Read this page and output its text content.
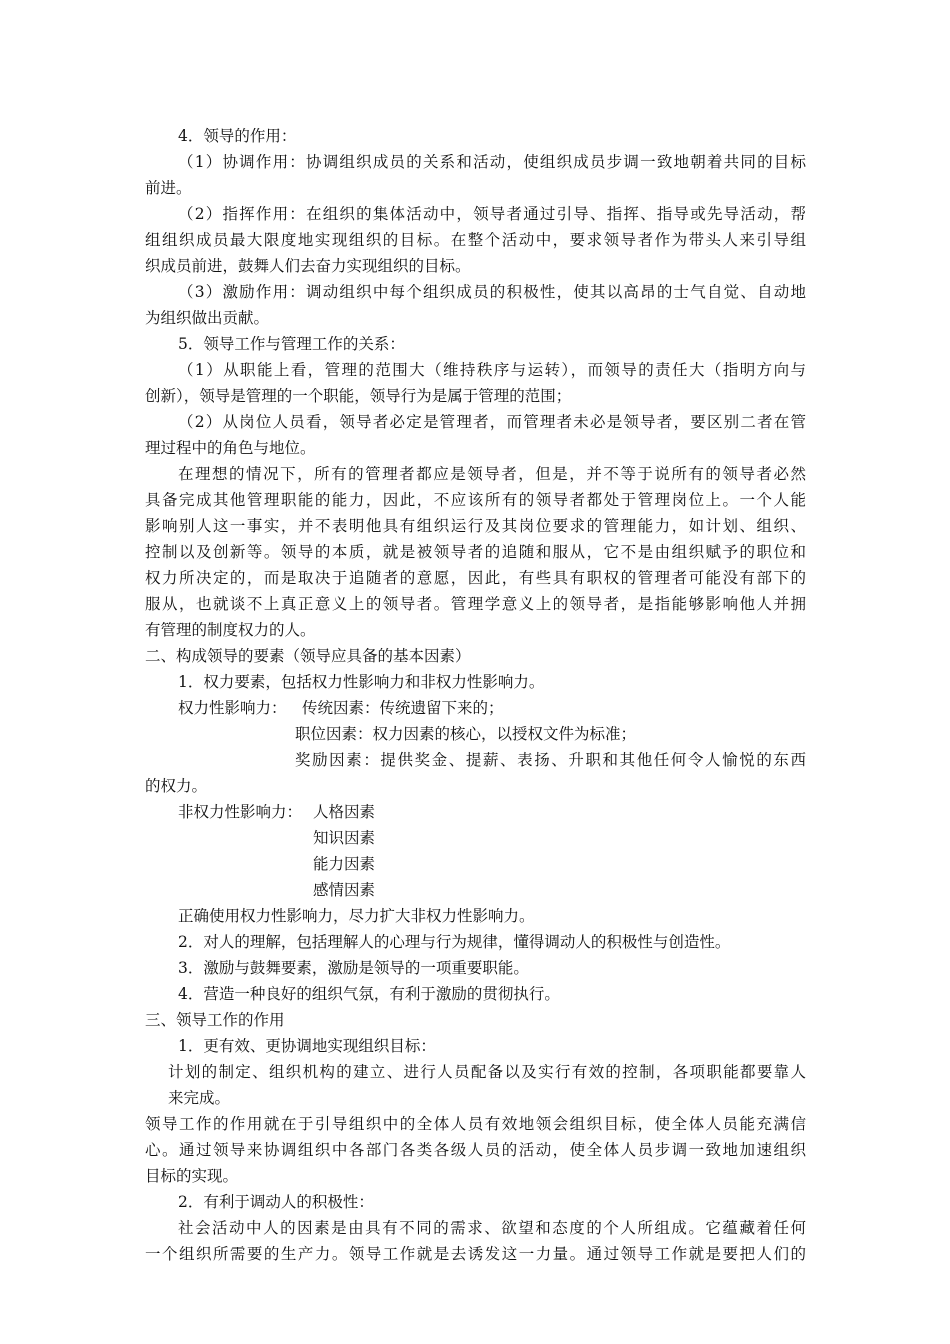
4．领导的作用：
（1）协调作用：协调组织成员的关系和活动，使组织成员步调一致地朝着共同的目标
前进。
（2）指挥作用：在组织的集体活动中，领导者通过引导、指挥、指导或先导活动，帮
组组织成员最大限度地实现组织的目标。在整个活动中，要求领导者作为带头人来引导组
织成员前进，鼓舞人们去奋力实现组织的目标。
（3）激励作用：调动组织中每个组织成员的积极性，使其以高昂的士气自觉、自动地
为组织做出贡献。
5．领导工作与管理工作的关系：
（1）从职能上看，管理的范围大（维持秩序与运转），而领导的责任大（指明方向与
创新），领导是管理的一个职能，领导行为是属于管理的范围；
（2）从岗位人员看，领导者必定是管理者，而管理者未必是领导者，要区别二者在管
理过程中的角色与地位。
在理想的情况下，所有的管理者都应是领导者，但是，并不等于说所有的领导者必然
具备完成其他管理职能的能力，因此，不应该所有的领导者都处于管理岗位上。一个人能
影响别人这一事实，并不表明他具有组织运行及其岗位要求的管理能力，如计划、组织、
控制以及创新等。领导的本质，就是被领导者的追随和服从，它不是由组织赋予的职位和
权力所决定的，而是取决于追随者的意愿，因此，有些具有职权的管理者可能没有部下的
服从，也就谈不上真正意义上的领导者。管理学意义上的领导者，是指能够影响他人并拥
有管理的制度权力的人。
二、构成领导的要素（领导应具备的基本因素）
1．权力要素，包括权力性影响力和非权力性影响力。
权力性影响力： 传统因素：传统遗留下来的；
职位因素：权力因素的核心，以授权文件为标准；
奖励因素：提供奖金、提薪、表扬、升职和其他任何令人愉悦的东西
的权力。
非权力性影响力： 人格因素
知识因素
能力因素
感情因素
正确使用权力性影响力，尽力扩大非权力性影响力。
2．对人的理解，包括理解人的心理与行为规律，懂得调动人的积极性与创造性。
3．激励与鼓舞要素，激励是领导的一项重要职能。
4．营造一种良好的组织气氛，有利于激励的贯彻执行。
三、领导工作的作用
1．更有效、更协调地实现组织目标：
计划的制定、组织机构的建立、进行人员配备以及实行有效的控制，各项职能都要靠人
来完成。
领导工作的作用就在于引导组织中的全体人员有效地领会组织目标，使全体人员能充满信
心。通过领导来协调组织中各部门各类各级人员的活动，使全体人员步调一致地加速组织
目标的实现。
2．有利于调动人的积极性：
社会活动中人的因素是由具有不同的需求、欲望和态度的个人所组成。它蕴藏着任何
一个组织所需要的生产力。领导工作就是去诱发这一力量。通过领导工作就是要把人们的
